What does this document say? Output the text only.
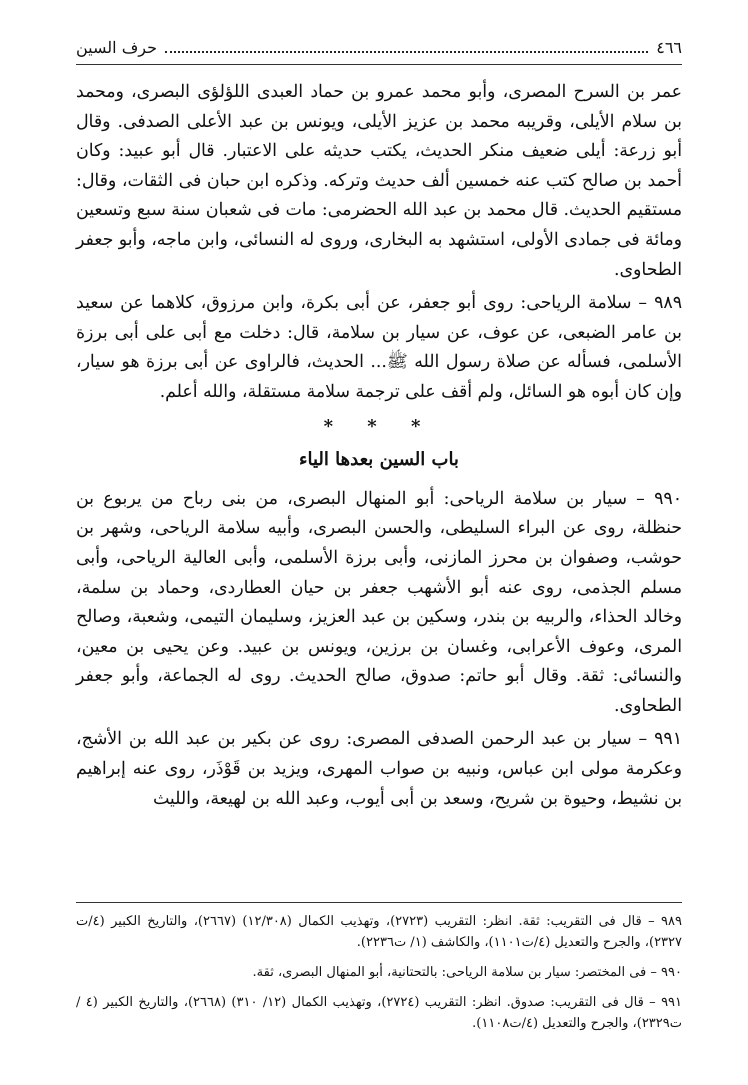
٤٦٦
حرف السين

عمر بن السرح المصرى، وأبو محمد عمرو بن حماد العبدى اللؤلؤى البصرى، ومحمد بن سلام الأيلى، وقريبه محمد بن عزيز الأيلى، ويونس بن عبد الأعلى الصدفى. وقال أبو زرعة: أيلى ضعيف منكر الحديث، يكتب حديثه على الاعتبار. قال أبو عبيد: وكان أحمد بن صالح كتب عنه خمسين ألف حديث وتركه. وذكره ابن حبان فى الثقات، وقال: مستقيم الحديث. قال محمد بن عبد الله الحضرمى: مات فى شعبان سنة سبع وتسعين ومائة فى جمادى الأولى، استشهد به البخارى، وروى له النسائى، وابن ماجه، وأبو جعفر الطحاوى.

٩٨٩ – سلامة الرياحى: روى أبو جعفر، عن أبى بكرة، وابن مرزوق، كلاهما عن سعيد بن عامر الضبعى، عن عوف، عن سيار بن سلامة، قال: دخلت مع أبى على أبى برزة الأسلمى، فسأله عن صلاة رسول الله ﷺ... الحديث، فالراوى عن أبى برزة هو سيار، وإن كان أبوه هو السائل، ولم أقف على ترجمة سلامة مستقلة، والله أعلم.

* * *
باب السين بعدها الياء

٩٩٠ – سيار بن سلامة الرياحى: أبو المنهال البصرى، من بنى رباح من يربوع بن حنظلة، روى عن البراء السليطى، والحسن البصرى، وأبيه سلامة الرياحى، وشهر بن حوشب، وصفوان بن محرز المازنى، وأبى برزة الأسلمى، وأبى العالية الرياحى، وأبى مسلم الجذمى، روى عنه أبو الأشهب جعفر بن حيان العطاردى، وحماد بن سلمة، وخالد الحذاء، والربيه بن بندر، وسكين بن عبد العزيز، وسليمان التيمى، وشعبة، وصالح المرى، وعوف الأعرابى، وغسان بن برزين، ويونس بن عبيد. وعن يحيى بن معين، والنسائى: ثقة. وقال أبو حاتم: صدوق، صالح الحديث. روى له الجماعة، وأبو جعفر الطحاوى.

٩٩١ – سيار بن عبد الرحمن الصدفى المصرى: روى عن بكير بن عبد الله بن الأشج، وعكرمة مولى ابن عباس، ونبيه بن صواب المهرى، ويزيد بن قَوْذَر، روى عنه إبراهيم بن نشيط، وحيوة بن شريح، وسعد بن أبى أيوب، وعبد الله بن لهيعة، والليث

٩٨٩ – قال فى التقريب: ثقة. انظر: التقريب (٢٧٢٣)، وتهذيب الكمال (١٢/٣٠٨) (٢٦٦٧)، والتاريخ الكبير (٤/ت ٢٣٢٧)، والجرح والتعديل (٤/ت١١٠١)، والكاشف (١/ ت٢٢٣٦).

٩٩٠ – فى المختصر: سيار بن سلامة الرياحى: بالتحتانية، أبو المنهال البصرى، ثقة.

٩٩١ – قال فى التقريب: صدوق. انظر: التقريب (٢٧٢٤)، وتهذيب الكمال (١٢/ ٣١٠) (٢٦٦٨)، والتاريخ الكبير (٤ /ت٢٣٢٩)، والجرح والتعديل (٤/ت١١٠٨).
